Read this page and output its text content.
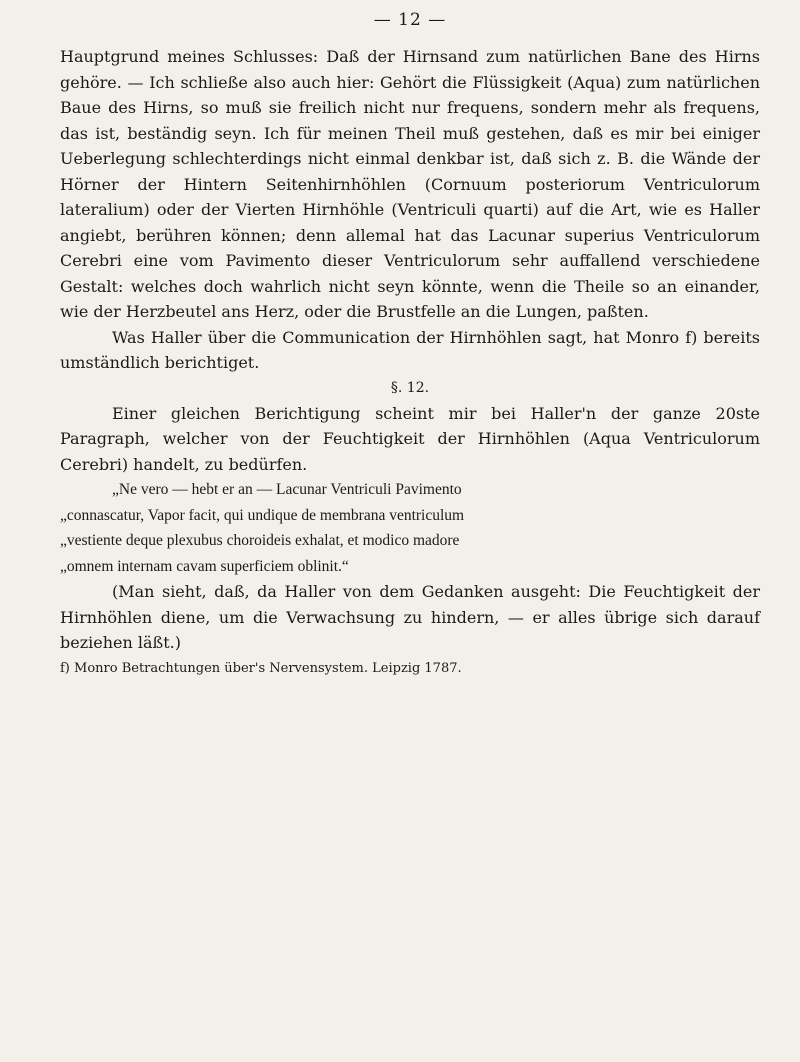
— 12 —

Hauptgrund meines Schlusses: Daß der Hirnsand zum natürlichen Bane des Hirns gehöre. — Ich schließe also auch hier: Gehört die Flüssigkeit (Aqua) zum natürlichen Baue des Hirns, so muß sie freilich nicht nur frequens, sondern mehr als frequens, das ist, beständig seyn. Ich für meinen Theil muß gestehen, daß es mir bei einiger Ueberlegung schlechterdings nicht einmal denkbar ist, daß sich z. B. die Wände der Hörner der Hintern Seitenhirnhöhlen (Cornuum posteriorum Ventriculorum lateralium) oder der Vierten Hirnhöhle (Ventriculi quarti) auf die Art, wie es Haller angiebt, berühren können; denn allemal hat das Lacunar superius Ventriculorum Cerebri eine vom Pavimento dieser Ventriculorum sehr auffallend verschiedene Gestalt: welches doch wahrlich nicht seyn könnte, wenn die Theile so an einander, wie der Herzbeutel ans Herz, oder die Brustfelle an die Lungen, paßten.

Was Haller über die Communication der Hirnhöhlen sagt, hat Monro f) bereits umständlich berichtiget.

§. 12.

Einer gleichen Berichtigung scheint mir bei Haller'n der ganze 20ste Paragraph, welcher von der Feuchtigkeit der Hirnhöhlen (Aqua Ventriculorum Cerebri) handelt, zu bedürfen.

„Ne vero — hebt er an — Lacunar Ventriculi Pavimento

„connascatur, Vapor facit, qui undique de membrana ventriculum

„vestiente deque plexubus choroideis exhalat, et modico madore

„omnem internam cavam superficiem oblinit.“

(Man sieht, daß, da Haller von dem Gedanken ausgeht: Die Feuchtigkeit der Hirnhöhlen diene, um die Verwachsung zu hindern, — er alles übrige sich darauf beziehen läßt.)

f) Monro Betrachtungen über's Nervensystem. Leipzig 1787.
